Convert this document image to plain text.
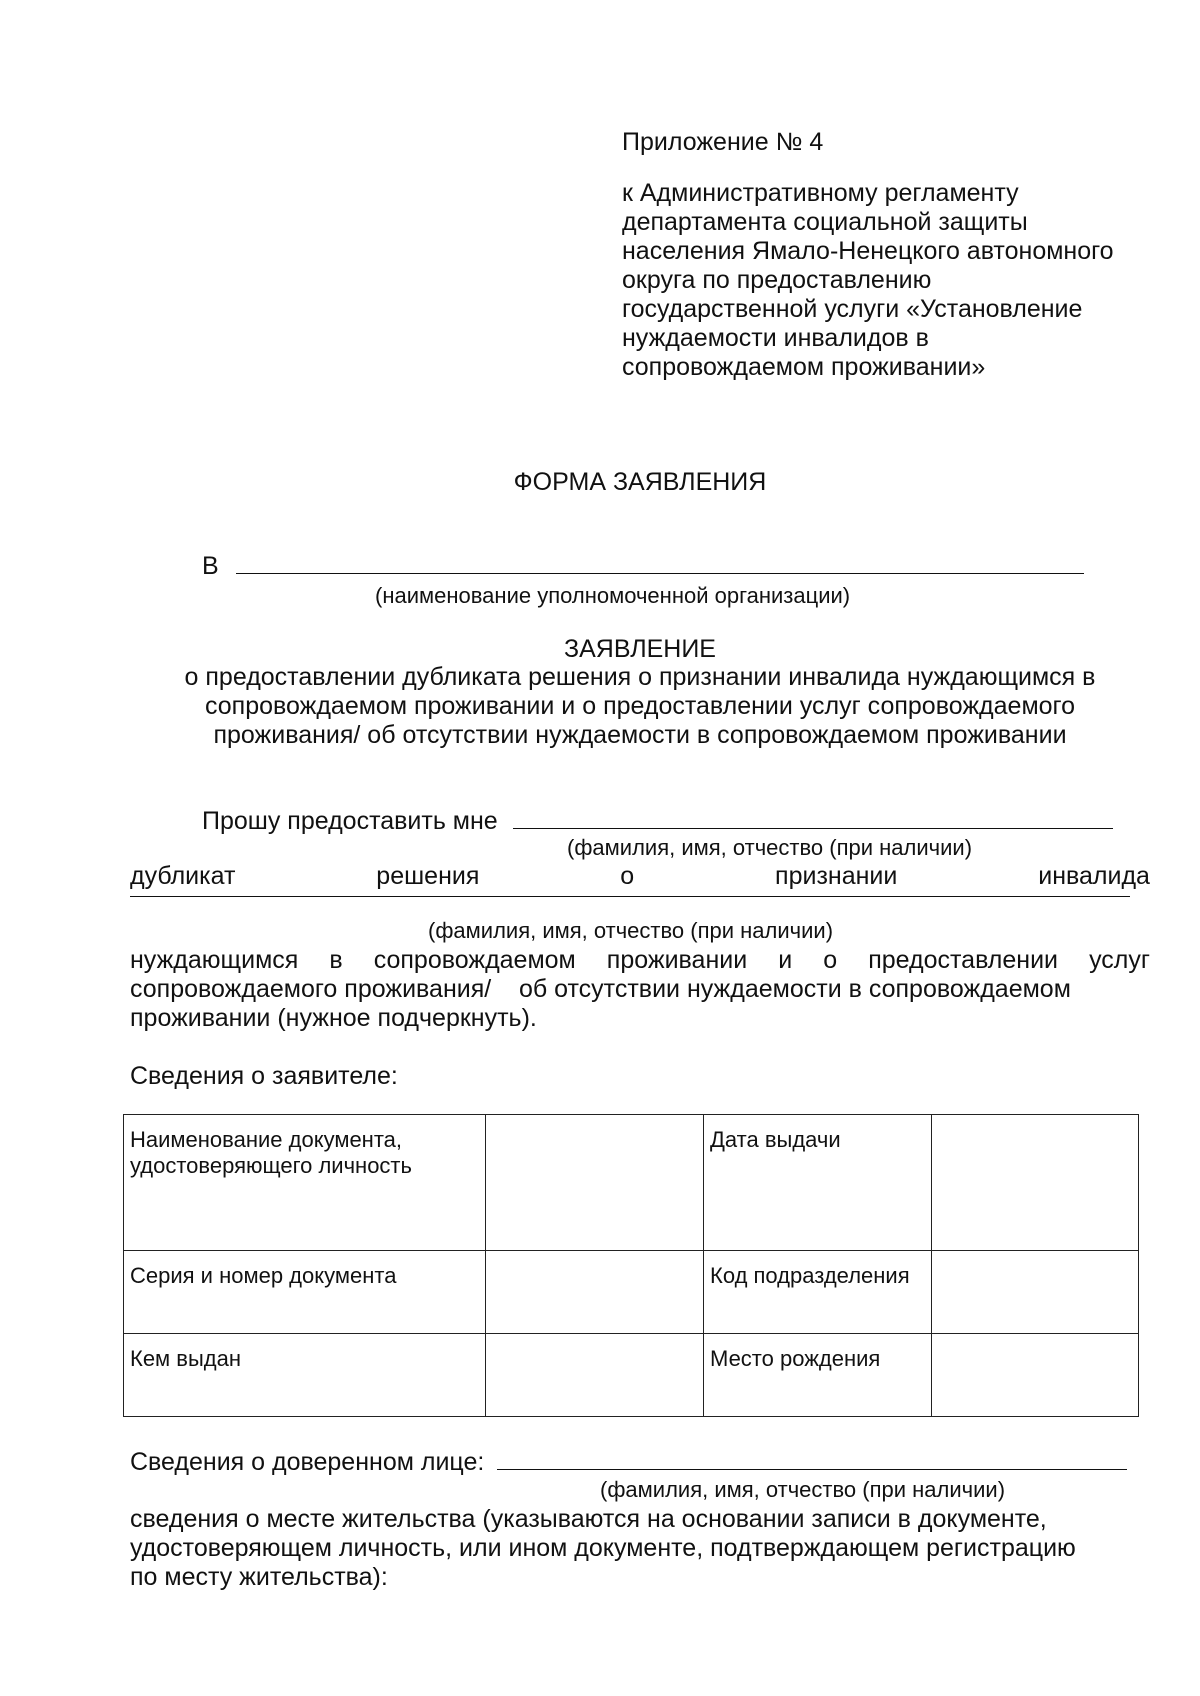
Приложение № 4
к Административному регламенту
департамента социальной защиты
населения Ямало-Ненецкого автономного
округа по предоставлению
государственной услуги «Установление
нуждаемости инвалидов в
сопровождаемом проживании»
ФОРМА ЗАЯВЛЕНИЯ
В
(наименование уполномоченной организации)
ЗАЯВЛЕНИЕ
о предоставлении дубликата решения о признании инвалида нуждающимся в
сопровождаемом проживании и о предоставлении услуг сопровождаемого
проживания/ об отсутствии нуждаемости в сопровождаемом проживании
Прошу предоставить мне
(фамилия, имя, отчество (при наличии)
дубликат	решения	о	признании	инвалида
(фамилия, имя, отчество (при наличии)
нуждающимся в сопровождаемом проживании и о предоставлении услуг
сопровождаемого проживания/    об отсутствии нуждаемости в сопровождаемом
проживании (нужное подчеркнуть).
Сведения о заявителе:
Наименование документа, удостоверяющего личность		Дата выдачи	
Серия и номер документа		Код подразделения	
Кем выдан		Место рождения	
Сведения о доверенном лице:
(фамилия, имя, отчество (при наличии)
сведения о месте жительства (указываются на основании записи в документе,
удостоверяющем личность, или ином документе, подтверждающем регистрацию
по месту жительства):
